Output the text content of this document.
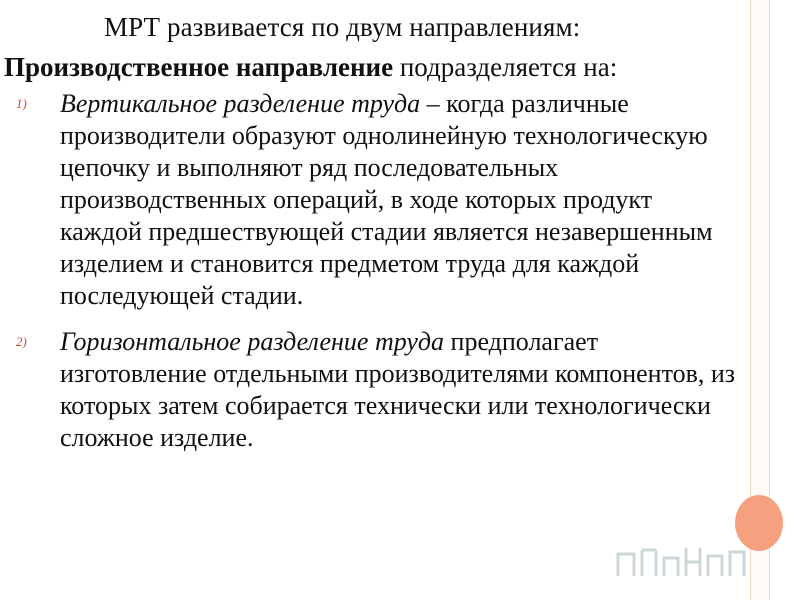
МРТ развивается по двум направлениям:

Производственное направление подразделяется на:

1) Вертикальное разделение труда – когда различные производители образуют однолинейную технологическую цепочку и выполняют ряд последовательных производственных операций, в ходе которых продукт каждой предшествующей стадии является незавершенным изделием и становится предметом труда для каждой последующей стадии.
2) Горизонтальное разделение труда предполагает изготовление отдельными производителями компонентов, из которых затем собирается технически или технологически сложное изделие.
